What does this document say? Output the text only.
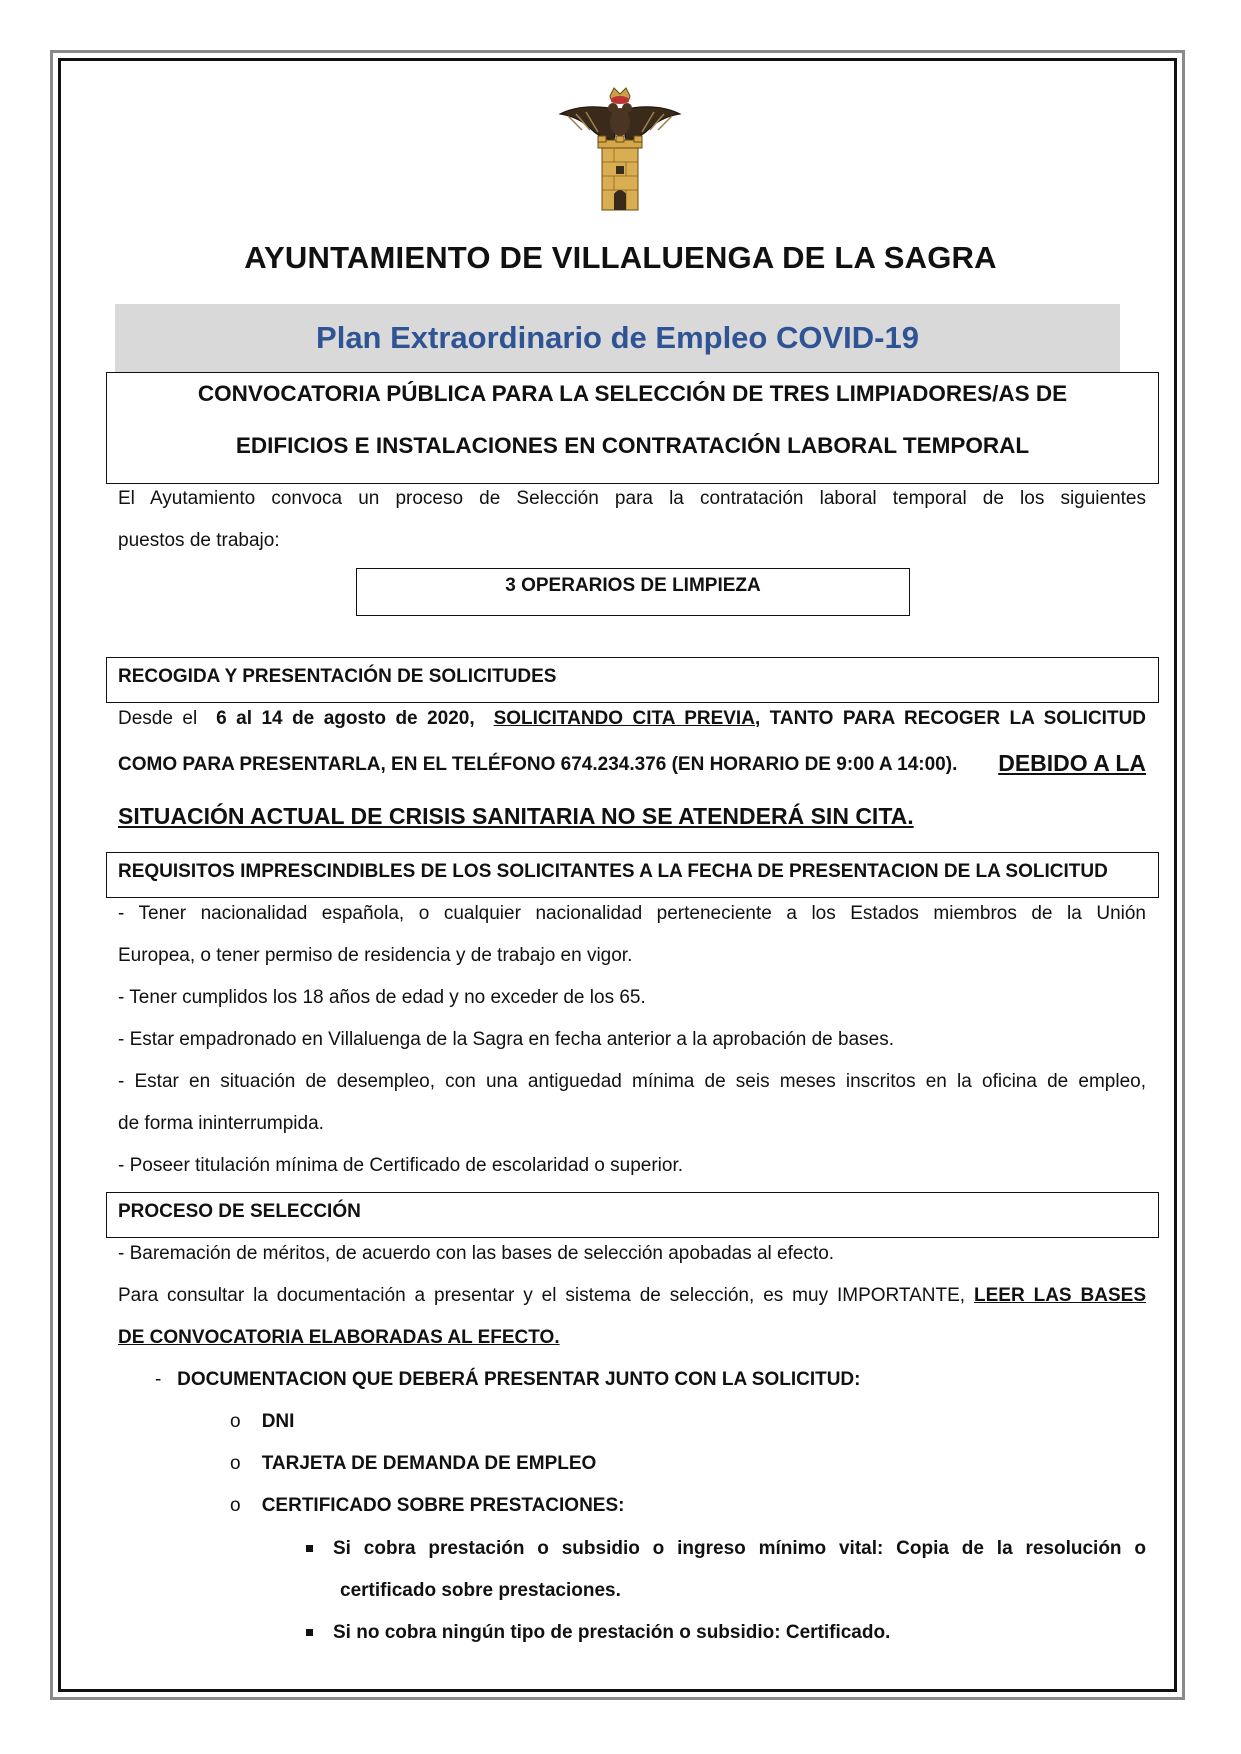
AYUNTAMIENTO DE VILLALUENGA DE LA SAGRA
Plan Extraordinario de Empleo COVID-19
CONVOCATORIA PÚBLICA PARA LA SELECCIÓN DE TRES LIMPIADORES/AS DE
EDIFICIOS E INSTALACIONES EN CONTRATACIÓN LABORAL TEMPORAL
El Ayutamiento convoca un proceso de Selección para la contratación laboral temporal de los siguientes
puestos de trabajo:
3 OPERARIOS DE LIMPIEZA
RECOGIDA Y PRESENTACIÓN DE SOLICITUDES
Desde el 6 al 14 de agosto de 2020, SOLICITANDO CITA PREVIA, TANTO PARA RECOGER LA SOLICITUD
COMO PARA PRESENTARLA, EN EL TELÉFONO 674.234.376 (EN HORARIO DE 9:00 A 14:00). DEBIDO A LA
SITUACIÓN ACTUAL DE CRISIS SANITARIA NO SE ATENDERÁ SIN CITA.
REQUISITOS IMPRESCINDIBLES DE LOS SOLICITANTES A LA FECHA DE PRESENTACION DE LA SOLICITUD
- Tener nacionalidad española, o cualquier nacionalidad perteneciente a los Estados miembros de la Unión
Europea, o tener permiso de residencia y de trabajo en vigor.
- Tener cumplidos los 18 años de edad y no exceder de los 65.
- Estar empadronado en Villaluenga de la Sagra en fecha anterior a la aprobación de bases.
- Estar en situación de desempleo, con una antiguedad mínima de seis meses inscritos en la oficina de empleo,
de forma ininterrumpida.
- Poseer titulación mínima de Certificado de escolaridad o superior.
PROCESO DE SELECCIÓN
- Baremación de méritos, de acuerdo con las bases de selección apobadas al efecto.
Para consultar la documentación a presentar y el sistema de selección, es muy IMPORTANTE, LEER LAS BASES
DE CONVOCATORIA ELABORADAS AL EFECTO.
- DOCUMENTACION QUE DEBERÁ PRESENTAR JUNTO CON LA SOLICITUD:
o DNI
o TARJETA DE DEMANDA DE EMPLEO
o CERTIFICADO SOBRE PRESTACIONES:
Si cobra prestación o subsidio o ingreso mínimo vital: Copia de la resolución o
certificado sobre prestaciones.
Si no cobra ningún tipo de prestación o subsidio: Certificado.
